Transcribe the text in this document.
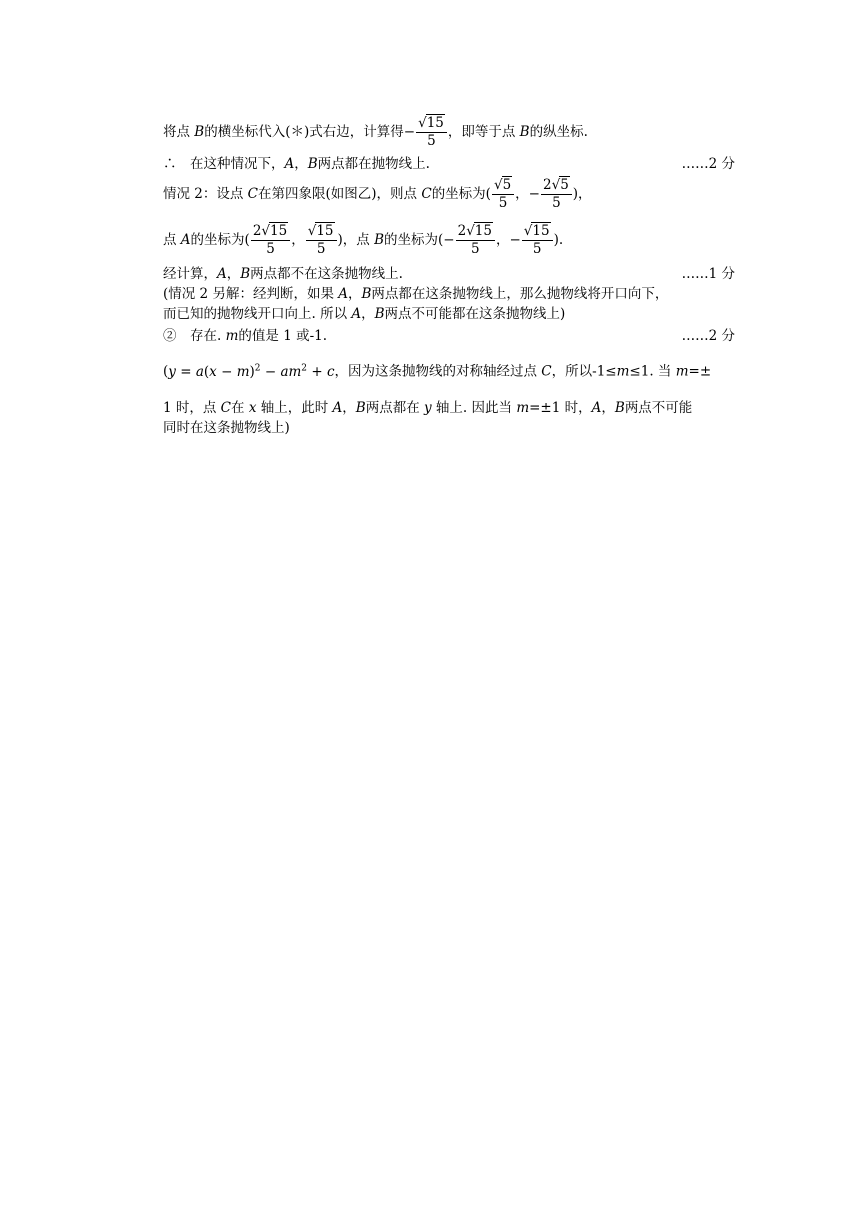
将点 B的横坐标代入(＊)式右边，计算得− $\frac{√15}{5}$ ，即等于点 B的纵坐标.
∴　在这种情况下，A，B两点都在抛物线上.	……2 分
情况 2：设点 C在第四象限(如图乙)，则点 C的坐标为( $\frac{√5}{5}$ ，− $\frac{2√5}{5}$ )，
点 A的坐标为( $\frac{2√15}{5}$ ， $\frac{√15}{5}$ )，点 B的坐标为(− $\frac{2√15}{5}$ ，− $\frac{√15}{5}$ ).
经计算，A，B两点都不在这条抛物线上.	……1 分
(情况 2 另解：经判断，如果 A，B两点都在这条抛物线上，那么抛物线将开口向下，
而已知的抛物线开口向上. 所以 A，B两点不可能都在这条抛物线上)
②　存在. m的值是 1 或-1.	……2 分
($y = a(x - m)^2 - am^2 + c$，因为这条抛物线的对称轴经过点 C，所以-1≤m≤1. 当 m=±
1 时，点 C在 x 轴上，此时 A，B两点都在 y 轴上. 因此当 m=±1 时，A，B两点不可能
同时在这条抛物线上)
